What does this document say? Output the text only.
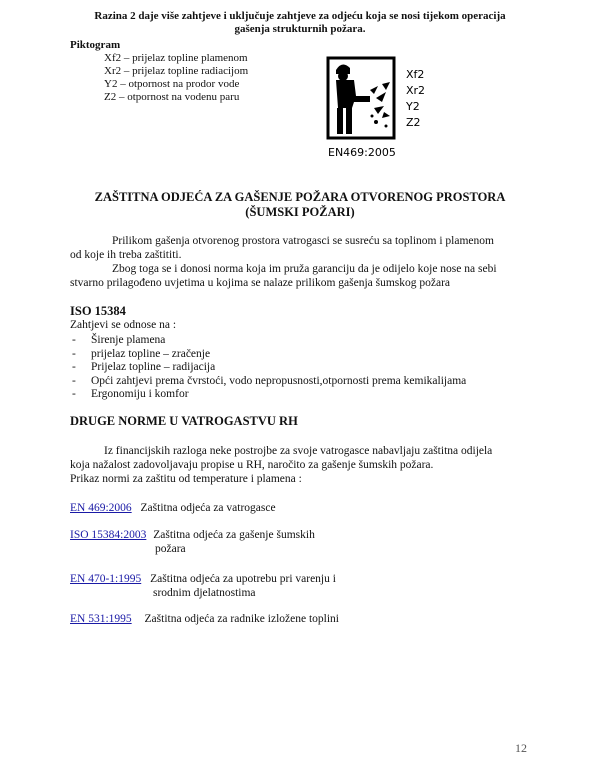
Razina 2 daje više zahtjeve i uključuje zahtjeve za odjeću koja se nosi tijekom operacija
gašenja strukturnih požara.
Piktogram
Xf2 – prijelaz topline plamenom
Xr2 – prijelaz topline radiacijom
Y2 – otpornost na prodor vode
Z2 – otpornost na vodenu paru
Xf2
Xr2
Y2
Z2
EN469:2005
ZAŠTITNA ODJEĆA ZA GAŠENJE POŽARA OTVORENOG PROSTORA
(ŠUMSKI POŽARI)
Prilikom gašenja otvorenog prostora vatrogasci se susreću sa toplinom i plamenom
od koje ih treba zaštititi.
Zbog toga se i donosi norma koja im pruža garanciju da je odijelo koje nose na sebi
stvarno prilagođeno uvjetima u kojima se nalaze prilikom gašenja šumskog požara
ISO 15384
Zahtjevi se odnose na :
- Širenje plamena
- prijelaz topline – zračenje
- Prijelaz topline – radijacija
- Opći zahtjevi prema čvrstoći, vodo nepropusnosti,otpornosti prema kemikalijama
- Ergonomiju i komfor
DRUGE NORME U VATROGASTVU RH
Iz financijskih razloga neke postrojbe za svoje vatrogasce nabavljaju zaštitna odijela
koja nažalost zadovoljavaju propise u RH, naročito za gašenje šumskih požara.
Prikaz normi za zaštitu od temperature i plamena :
EN 469:2006 Zaštitna odjeća za vatrogasce
ISO 15384:2003 Zaštitna odjeća za gašenje šumskih
požara
EN 470-1:1995 Zaštitna odjeća za upotrebu pri varenju i
srodnim djelatnostima
EN 531:1995 Zaštitna odjeća za radnike izložene toplini
12
